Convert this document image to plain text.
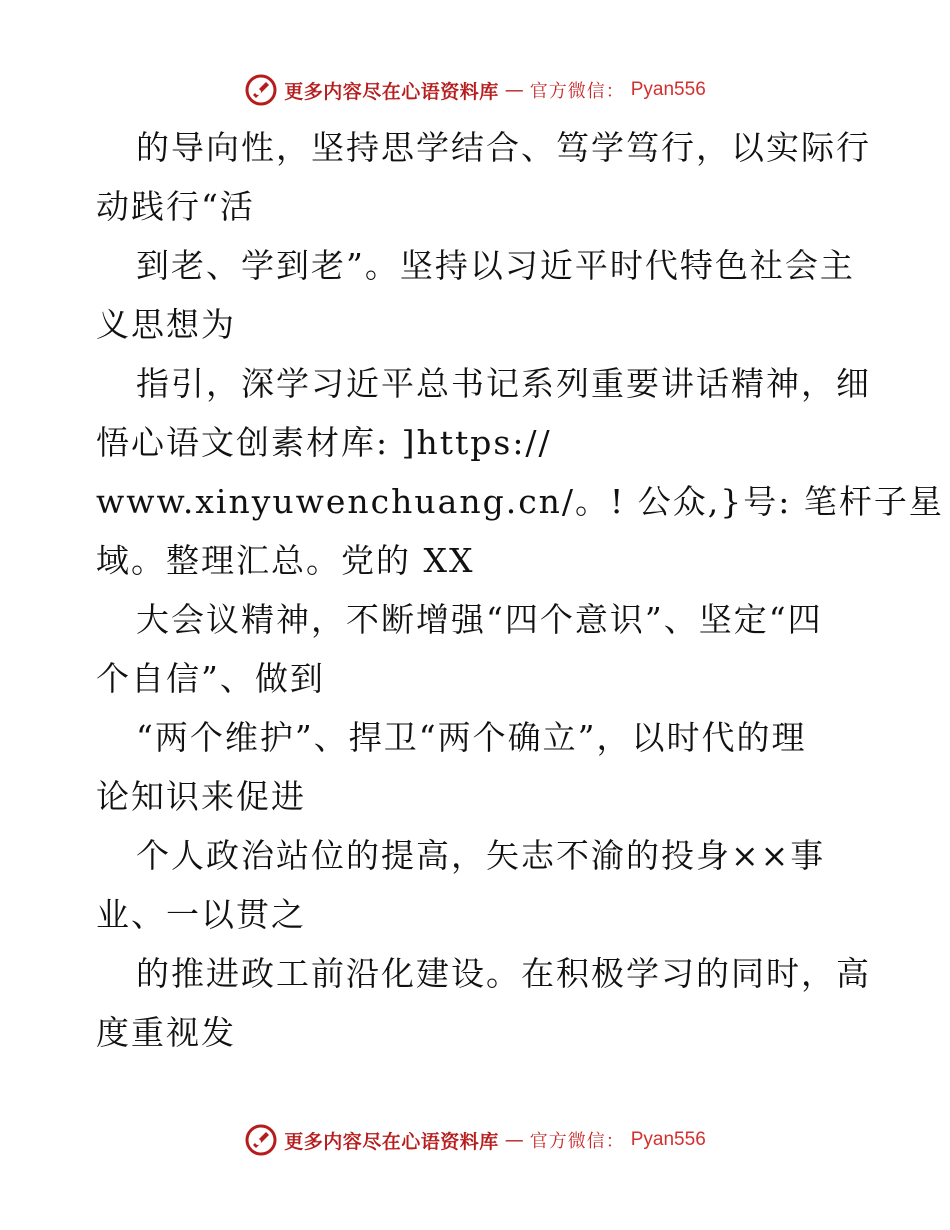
更多内容尽在心语资料库 — 官方微信： Pyan556
的导向性，坚持思学结合、笃学笃行，以实际行
动践行“活
到老、学到老”。坚持以习近平时代特色社会主
义思想为
指引，深学习近平总书记系列重要讲话精神，细
悟心语文创素材库: ]https://
www.xinyuwenchuang.cn/。! 公众,}号: 笔杆子星
域。整理汇总。党的 XX
大会议精神，不断增强“四个意识”、坚定“四
个自信”、做到
“两个维护”、捍卫“两个确立”，以时代的理
论知识来促进
个人政治站位的提高，矢志不渝的投身××事
业、一以贯之
的推进政工前沿化建设。在积极学习的同时，高
度重视发
更多内容尽在心语资料库 — 官方微信： Pyan556
